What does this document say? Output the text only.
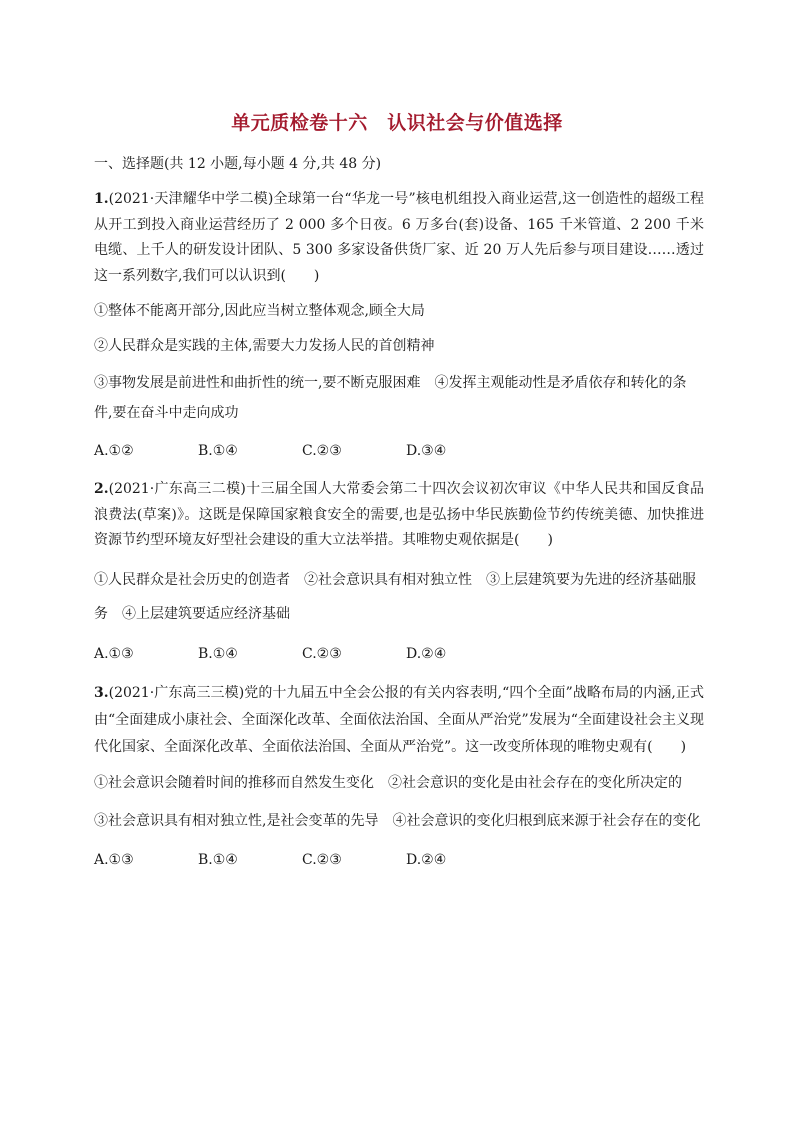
单元质检卷十六　认识社会与价值选择
一、选择题(共 12 小题,每小题 4 分,共 48 分)

1.(2021·天津耀华中学二模)全球第一台“华龙一号”核电机组投入商业运营,这一创造性的超级工程从开工到投入商业运营经历了 2 000 多个日夜。6 万多台(套)设备、165 千米管道、2 200 千米电缆、上千人的研发设计团队、5 300 多家设备供货厂家、近 20 万人先后参与项目建设……透过这一系列数字,我们可以认识到(　　)

①整体不能离开部分,因此应当树立整体观念,顾全大局

②人民群众是实践的主体,需要大力发扬人民的首创精神

③事物发展是前进性和曲折性的统一,要不断克服困难　④发挥主观能动性是矛盾依存和转化的条件,要在奋斗中走向成功

A.①②	B.①④	C.②③	D.③④

2.(2021·广东高三二模)十三届全国人大常委会第二十四次会议初次审议《中华人民共和国反食品浪费法(草案)》。这既是保障国家粮食安全的需要,也是弘扬中华民族勤俭节约传统美德、加快推进资源节约型环境友好型社会建设的重大立法举措。其唯物史观依据是(　　)

①人民群众是社会历史的创造者　②社会意识具有相对独立性　③上层建筑要为先进的经济基础服务　④上层建筑要适应经济基础

A.①③	B.①④	C.②③	D.②④

3.(2021·广东高三三模)党的十九届五中全会公报的有关内容表明,“四个全面”战略布局的内涵,正式由“全面建成小康社会、全面深化改革、全面依法治国、全面从严治党”发展为“全面建设社会主义现代化国家、全面深化改革、全面依法治国、全面从严治党”。这一改变所体现的唯物史观有(　　)

①社会意识会随着时间的推移而自然发生变化　②社会意识的变化是由社会存在的变化所决定的

③社会意识具有相对独立性,是社会变革的先导　④社会意识的变化归根到底来源于社会存在的变化

A.①③	B.①④	C.②③	D.②④
